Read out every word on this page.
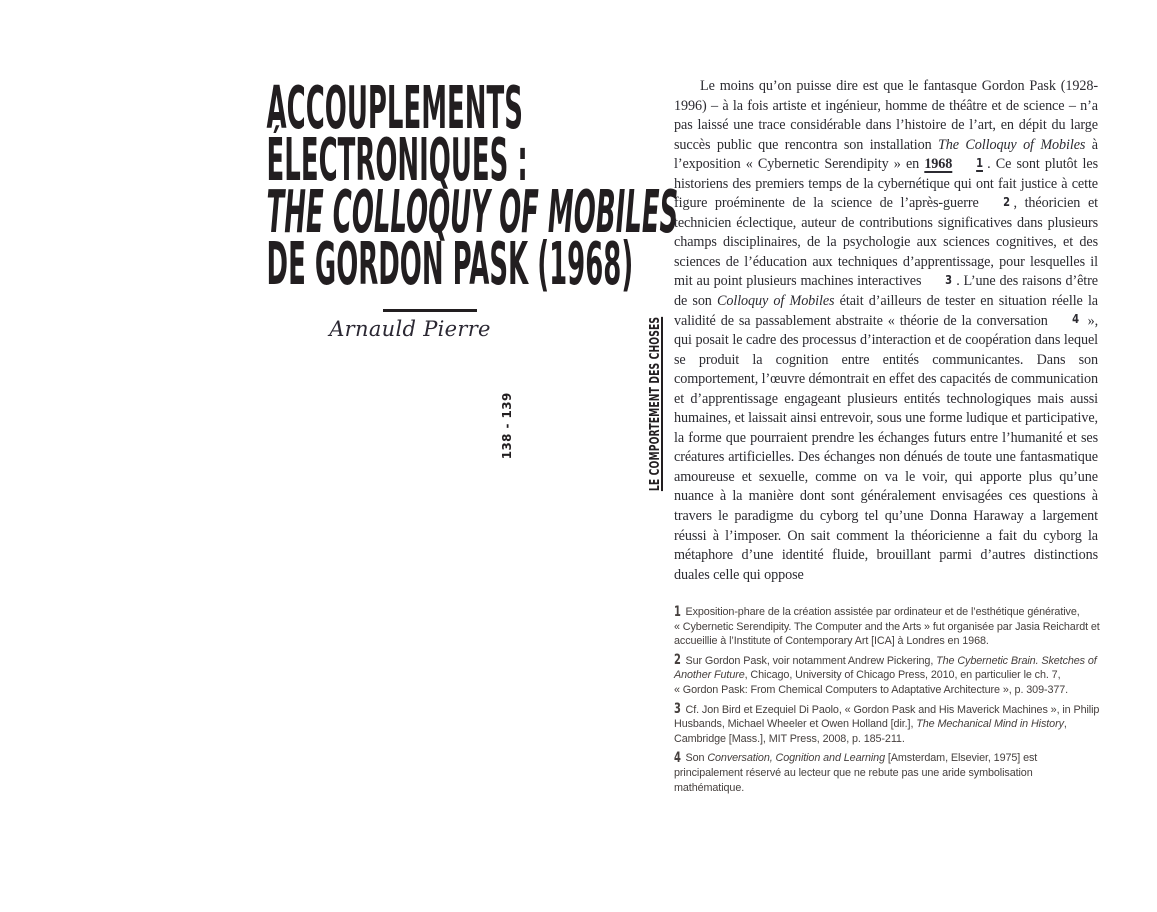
ACCOUPLEMENTS
ÉLECTRONIQUES :
THE COLLOQUY OF MOBILES
DE GORDON PASK (1968)
Arnauld Pierre
138 - 139	LE COMPORTEMENT DES CHOSES
Le moins qu’on puisse dire est que le fantasque Gordon Pask (1928-1996) – à la fois artiste et ingénieur, homme de théâtre et de science – n’a pas laissé une trace considérable dans l’histoire de l’art, en dépit du large succès public que rencontra son installation The Colloquy of Mobiles à l’exposition « Cybernetic Serendipity » en 1968 1 . Ce sont plutôt les historiens des premiers temps de la cybernétique qui ont fait justice à cette figure proéminente de la science de l’après-guerre 2 , théoricien et technicien éclectique, auteur de contributions significatives dans plusieurs champs disciplinaires, de la psychologie aux sciences cognitives, et des sciences de l’éducation aux techniques d’apprentissage, pour lesquelles il mit au point plusieurs machines interactives 3 . L’une des raisons d’être de son Colloquy of Mobiles était d’ailleurs de tester en situation réelle la validité de sa passablement abstraite « théorie de la conversation 4 », qui posait le cadre des processus d’interaction et de coopération dans lequel se produit la cognition entre entités communicantes. Dans son comportement, l’œuvre démontrait en effet des capacités de communication et d’apprentissage engageant plusieurs entités technologiques mais aussi humaines, et laissait ainsi entrevoir, sous une forme ludique et participative, la forme que pourraient prendre les échanges futurs entre l’humanité et ses créatures artificielles. Des échanges non dénués de toute une fantasmatique amoureuse et sexuelle, comme on va le voir, qui apporte plus qu’une nuance à la manière dont sont généralement envisagées ces questions à travers le paradigme du cyborg tel qu’une Donna Haraway a largement réussi à l’imposer. On sait comment la théoricienne a fait du cyborg la métaphore d’une identité fluide, brouillant parmi d’autres distinctions duales celle qui oppose
1 Exposition-phare de la création assistée par ordinateur et de l’esthétique générative, « Cybernetic Serendipity. The Computer and the Arts » fut organisée par Jasia Reichardt et accueillie à l’Institute of Contemporary Art [ICA] à Londres en 1968.
2 Sur Gordon Pask, voir notamment Andrew Pickering, The Cybernetic Brain. Sketches of Another Future, Chicago, University of Chicago Press, 2010, en particulier le ch. 7, « Gordon Pask: From Chemical Computers to Adaptative Architecture », p. 309-377.
3 Cf. Jon Bird et Ezequiel Di Paolo, « Gordon Pask and His Maverick Machines », in Philip Husbands, Michael Wheeler et Owen Holland [dir.], The Mechanical Mind in History, Cambridge [Mass.], MIT Press, 2008, p. 185-211.
4 Son Conversation, Cognition and Learning [Amsterdam, Elsevier, 1975] est principalement réservé au lecteur que ne rebute pas une aride symbolisation mathématique.
